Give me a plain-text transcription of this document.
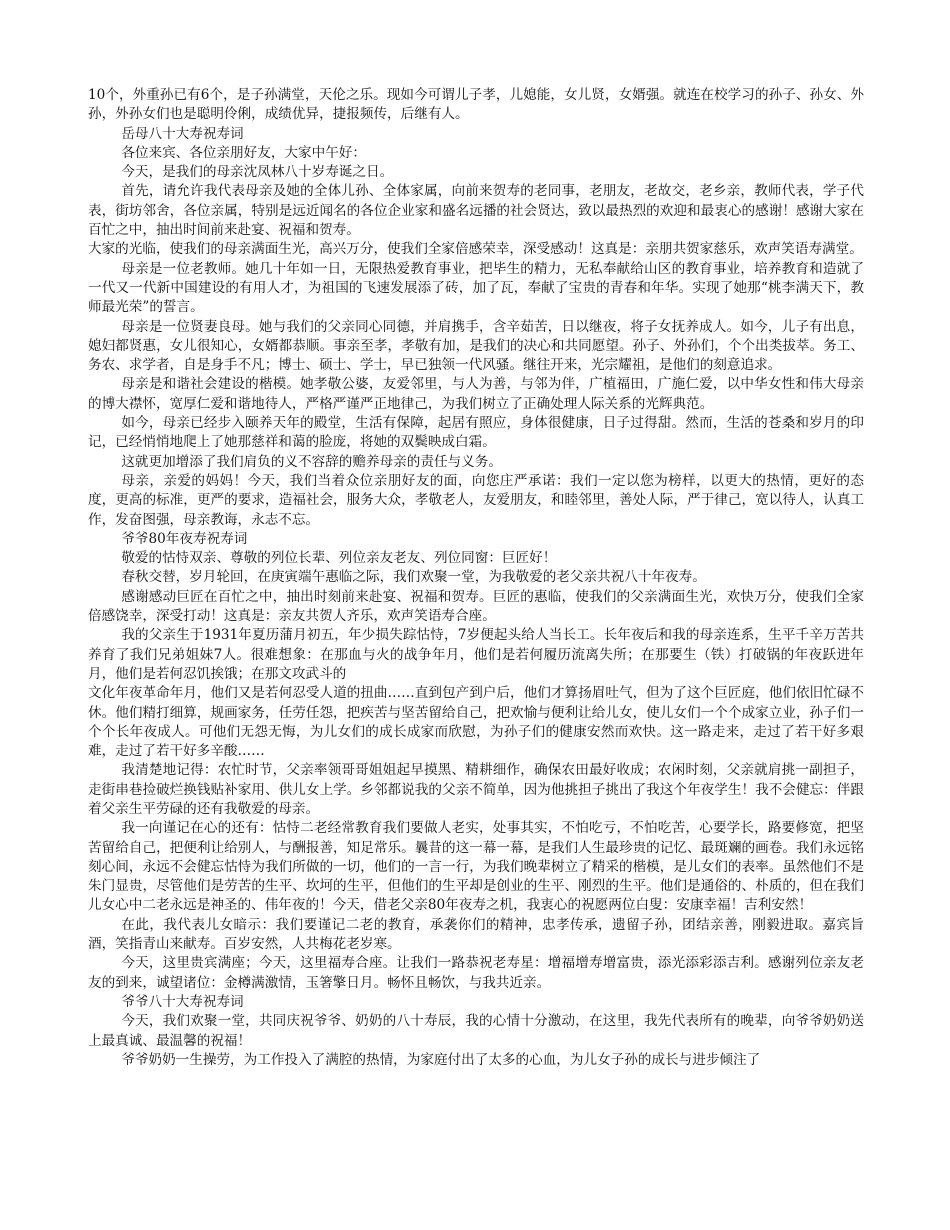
10个，外重孙已有6个，是子孙满堂，天伦之乐。现如今可谓儿子孝，儿媳能，女儿贤，女婿强。就连在校学习的孙子、孙女、外孙，外孙女们也是聪明伶俐，成绩优异，捷报频传，后继有人。

岳母八十大寿祝寿词

各位来宾、各位亲朋好友，大家中午好：

今天，是我们的母亲沈凤林八十岁寿诞之日。

首先，请允许我代表母亲及她的全体儿孙、全体家属，向前来贺寿的老同事，老朋友，老故交，老乡亲，教师代表，学子代表，街坊邻舍，各位亲属，特别是远近闻名的各位企业家和盛名远播的社会贤达，致以最热烈的欢迎和最衷心的感谢！感谢大家在百忙之中，抽出时间前来赴宴、祝福和贺寿。

大家的光临，使我们的母亲满面生光，高兴万分，使我们全家倍感荣幸，深受感动！这真是：亲朋共贺家慈乐，欢声笑语寿满堂。

母亲是一位老教师。她几十年如一日，无限热爱教育事业，把毕生的精力，无私奉献给山区的教育事业，培养教育和造就了一代又一代新中国建设的有用人才，为祖国的飞速发展添了砖，加了瓦，奉献了宝贵的青春和年华。实现了她那“桃李满天下，教师最光荣”的誓言。

母亲是一位贤妻良母。她与我们的父亲同心同德，并肩携手，含辛茹苦，日以继夜，将子女抚养成人。如今，儿子有出息，媳妇都贤惠，女儿很知心，女婿都恭顺。事亲至孝，孝敬有加，是我们的决心和共同愿望。孙子、外孙们，个个出类拔萃。务工、务农、求学者，自是身手不凡；博士、硕士、学士，早已独领一代风骚。继往开来，光宗耀祖，是他们的刻意追求。

母亲是和谐社会建设的楷模。她孝敬公婆，友爱邻里，与人为善，与邻为伴，广植福田，广施仁爱，以中华女性和伟大母亲的博大襟怀，宽厚仁爱和谐地待人，严格严谨严正地律己，为我们树立了正确处理人际关系的光辉典范。

如今，母亲已经步入颐养天年的殿堂，生活有保障，起居有照应，身体很健康，日子过得甜。然而，生活的苍桑和岁月的印记，已经悄悄地爬上了她那慈祥和蔼的脸庞，将她的双鬓映成白霜。

这就更加增添了我们肩负的义不容辞的赡养母亲的责任与义务。

母亲，亲爱的妈妈！今天，我们当着众位亲朋好友的面，向您庄严承诺：我们一定以您为榜样，以更大的热情，更好的态度，更高的标准，更严的要求，造福社会，服务大众，孝敬老人，友爱朋友，和睦邻里，善处人际，严于律己，宽以待人，认真工作，发奋图强，母亲教诲，永志不忘。

爷爷80年夜寿祝寿词

敬爱的怙恃双亲、尊敬的列位长辈、列位亲友老友、列位同窗：巨匠好！

春秋交替，岁月轮回，在庚寅端午惠临之际，我们欢聚一堂，为我敬爱的老父亲共祝八十年夜寿。

感谢感动巨匠在百忙之中，抽出时刻前来赴宴、祝福和贺寿。巨匠的惠临，使我们的父亲满面生光，欢快万分，使我们全家倍感饶幸，深受打动！这真是：亲友共贺人齐乐，欢声笑语寿合座。

我的父亲生于1931年夏历蒲月初五，年少损失踪怙恃，7岁便起头给人当长工。长年夜后和我的母亲连系，生平千辛万苦共养育了我们兄弟姐妹7人。很难想象：在那血与火的战争年月，他们是若何履历流离失所；在那要生（铁）打破锅的年夜跃进年月，他们是若何忍饥挨饿；在那文攻武斗的

文化年夜革命年月，他们又是若何忍受人道的扭曲……直到包产到户后，他们才算扬眉吐气，但为了这个巨匠庭，他们依旧忙碌不休。他们精打细算，规画家务，任劳任怨，把疾苦与坚苦留给自己，把欢愉与便利让给儿女，使儿女们一个个成家立业，孙子们一个个长年夜成人。可他们无怨无悔，为儿女们的成长成家而欣慰，为孙子们的健康安然而欢快。这一路走来，走过了若干好多艰难，走过了若干好多辛酸……

我清楚地记得：农忙时节，父亲率领哥哥姐姐起早摸黑、精耕细作，确保农田最好收成；农闲时刻，父亲就肩挑一副担子，走街串巷捡破烂换钱贴补家用、供儿女上学。乡邻都说我的父亲不简单，因为他挑担子挑出了我这个年夜学生！我不会健忘：伴跟着父亲生平劳碌的还有我敬爱的母亲。

我一向谨记在心的还有：怙恃二老经常教育我们要做人老实，处事其实，不怕吃亏，不怕吃苦，心要学长，路要修宽，把坚苦留给自己，把便利让给别人，与酬报善，知足常乐。曩昔的这一幕一幕，是我们人生最珍贵的记忆、最斑斓的画卷。我们永远铭刻心间，永远不会健忘怙恃为我们所做的一切，他们的一言一行，为我们晚辈树立了精采的楷模，是儿女们的表率。虽然他们不是朱门显贵，尽管他们是劳苦的生平、坎坷的生平，但他们的生平却是创业的生平、刚烈的生平。他们是通俗的、朴质的，但在我们儿女心中二老永远是神圣的、伟年夜的！今天，借老父亲80年夜寿之机，我衷心的祝愿两位白叟：安康幸福！吉利安然！

在此，我代表儿女暗示：我们要谨记二老的教育，承袭你们的精神，忠孝传承，遗留子孙，团结亲善，刚毅进取。嘉宾旨酒，笑指青山来献寿。百岁安然，人共梅花老岁寒。

今天，这里贵宾满座；今天，这里福寿合座。让我们一路恭祝老寿星：增福增寿增富贵，添光添彩添吉利。感谢列位亲友老友的到来，诚望诸位：金樽满激情，玉箸擎日月。畅怀且畅饮，与我共近亲。

爷爷八十大寿祝寿词

今天，我们欢聚一堂，共同庆祝爷爷、奶奶的八十寿辰，我的心情十分激动，在这里，我先代表所有的晚辈，向爷爷奶奶送上最真诚、最温馨的祝福！

爷爷奶奶一生操劳，为工作投入了满腔的热情，为家庭付出了太多的心血，为儿女子孙的成长与进步倾注了
